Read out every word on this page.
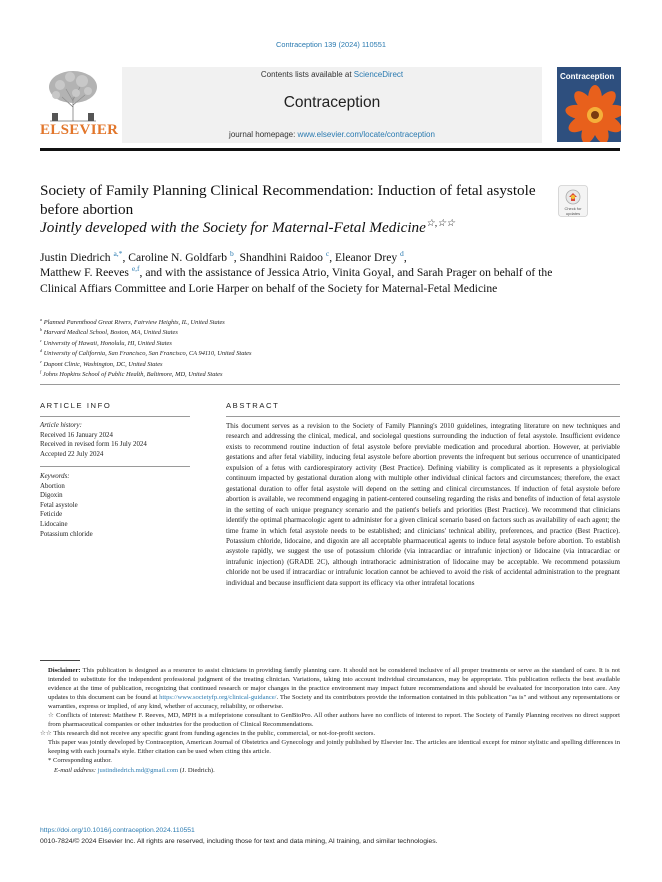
Contraception 139 (2024) 110551
ELSEVIER
Contents lists available at ScienceDirect
Contraception
journal homepage: www.elsevier.com/locate/contraception
Contraception
Society of Family Planning Clinical Recommendation: Induction of fetal asystole before abortion
Jointly developed with the Society for Maternal-Fetal Medicine☆,☆☆
Check for updates
Justin Diedrich $^{a,*}$, Caroline N. Goldfarb $^b$, Shandhini Raidoo $^c$, Eleanor Drey $^d$,
Matthew F. Reeves $^{e,f}$, and with the assistance of Jessica Atrio, Vinita Goyal, and Sarah Prager on behalf of the Clinical Affiars Committee and Lorie Harper on behalf of the Society for Maternal-Fetal Medicine
$^a$ Planned Parenthood Great Rivers, Fairview Heights, IL, United States
$^b$ Harvard Medical School, Boston, MA, United States
$^c$ University of Hawaii, Honolulu, HI, United States
$^d$ University of California, San Francisco, San Francisco, CA 94110, United States
$^e$ Dupont Clinic, Washington, DC, United States
$^f$ Johns Hopkins School of Public Health, Baltimore, MD, United States
ARTICLE INFO
Article history:
Received 16 January 2024
Received in revised form 16 July 2024
Accepted 22 July 2024
Keywords:
Abortion
Digoxin
Fetal asystole
Feticide
Lidocaine
Potassium chloride
ABSTRACT
This document serves as a revision to the Society of Family Planning's 2010 guidelines, integrating literature on new techniques and research and addressing the clinical, medical, and sociolegal questions surrounding the induction of fetal asystole. Insufficient evidence exists to recommend routine induction of fetal asystole before previable medication and procedural abortion. However, at periviable gestations and after fetal viability, inducing fetal asystole before abortion prevents the infrequent but serious occurrence of unanticipated expulsion of a fetus with cardiorespiratory activity (Best Practice). Defining viability is complicated as it represents a physiological continuum impacted by gestational duration along with multiple other individual clinical factors and circumstances; therefore, the exact gestational duration to offer fetal asystole will depend on the setting and clinical circumstances. If induction of fetal asystole before abortion is available, we recommend engaging in patient-centered counseling regarding the risks and benefits of induction of fetal asystole in the setting of each unique pregnancy scenario and the patient's beliefs and priorities (Best Practice). We recommend that clinicians identify the optimal pharmacologic agent to administer for a given clinical scenario based on factors such as availability of each agent; the time frame in which fetal asystole needs to be established; and clinicians' technical ability, preferences, and practice (Best Practice). Potassium chloride, lidocaine, and digoxin are all acceptable pharmaceutical agents to induce fetal asystole before abortion. To establish asystole rapidly, we suggest the use of potassium chloride (via intracardiac or intrafunic injection) or lidocaine (via intracardiac or intrafunic injection) (GRADE 2C), although intrathoracic administration of lidocaine may be acceptable. We recommend potassium chloride not be used if intracardiac or intrafunic location cannot be achieved to avoid the risk of accidental administration to the pregnant individual and because insufficient data support its efficacy via other intrafetal locations

Disclaimer: This publication is designed as a resource to assist clinicians in providing family planning care. It should not be considered inclusive of all proper treatments or serve as the standard of care. It is not intended to substitute for the independent professional judgment of the treating clinician. Variations, taking into account individual circumstances, may be appropriate. This publication reflects the best available evidence at the time of publication, recognizing that continued research or major changes in the practice environment may impact future recommendations and should be evaluated for incorporation into care. Any updates to this document can be found at https://www.societyfp.org/clinical-guidance/. The Society and its contributors provide the information contained in this publication "as is" and without any representations or warranties, express or implied, of any kind, whether of accuracy, reliability, or otherwise.

☆ Conflicts of interest: Matthew F. Reeves, MD, MPH is a mifepristone consultant to GenBioPro. All other authors have no conflicts of interest to report. The Society of Family Planning receives no direct support from pharmaceutical companies or other industries for the production of Clinical Recommendations.

☆☆ This research did not receive any specific grant from funding agencies in the public, commercial, or not-for-profit sectors.

This paper was jointly developed by Contraception, American Journal of Obstetrics and Gynecology and jointly published by Elsevier Inc. The articles are identical except for minor stylistic and spelling differences in keeping with each journal's style. Either citation can be used when citing this article.

* Corresponding author.

E-mail address: justindiedrich.md@gmail.com (J. Diedrich).

https://doi.org/10.1016/j.contraception.2024.110551
0010-7824/© 2024 Elsevier Inc. All rights are reserved, including those for text and data mining, AI training, and similar technologies.
